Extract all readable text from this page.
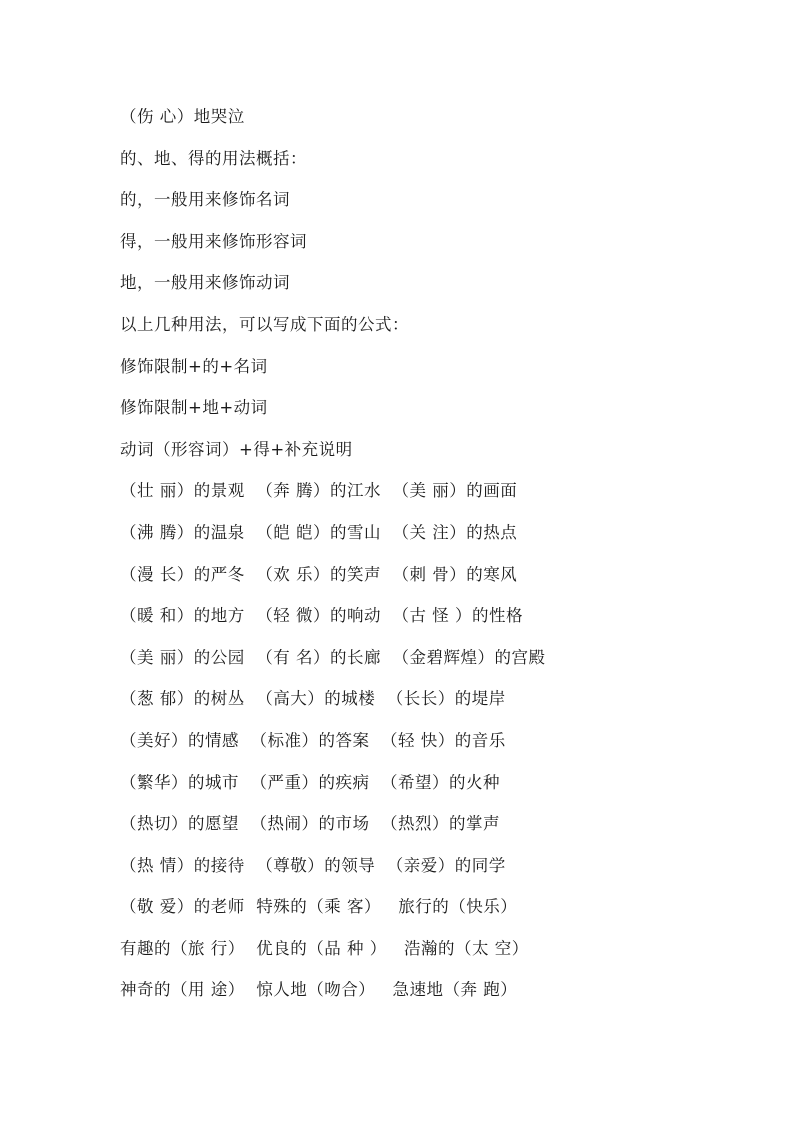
（伤 心）地哭泣
的、地、得的用法概括：
的，一般用来修饰名词
得，一般用来修饰形容词
地，一般用来修饰动词
以上几种用法，可以写成下面的公式：
修饰限制+的+名词
修饰限制+地+动词
动词（形容词）+得+补充说明
（壮 丽）的景观  （奔 腾）的江水  （美 丽）的画面
（沸 腾）的温泉  （皑 皑）的雪山  （关 注）的热点
（漫 长）的严冬  （欢 乐）的笑声  （刺 骨）的寒风
（暖 和）的地方  （轻 微）的响动  （古 怪 ）的性格
（美 丽）的公园  （有 名）的长廊  （金碧辉煌）的宫殿
（葱 郁）的树丛  （高大）的城楼  （长长）的堤岸
（美好）的情感  （标准）的答案  （轻 快）的音乐
（繁华）的城市  （严重）的疾病  （希望）的火种
（热切）的愿望  （热闹）的市场  （热烈）的掌声
（热 情）的接待  （尊敬）的领导  （亲爱）的同学
（敬 爱）的老师  特殊的（乘 客）   旅行的（快乐）
有趣的（旅 行）  优良的（品 种 ）   浩瀚的（太 空）
神奇的（用 途）  惊人地（吻合）   急速地（奔 跑）
